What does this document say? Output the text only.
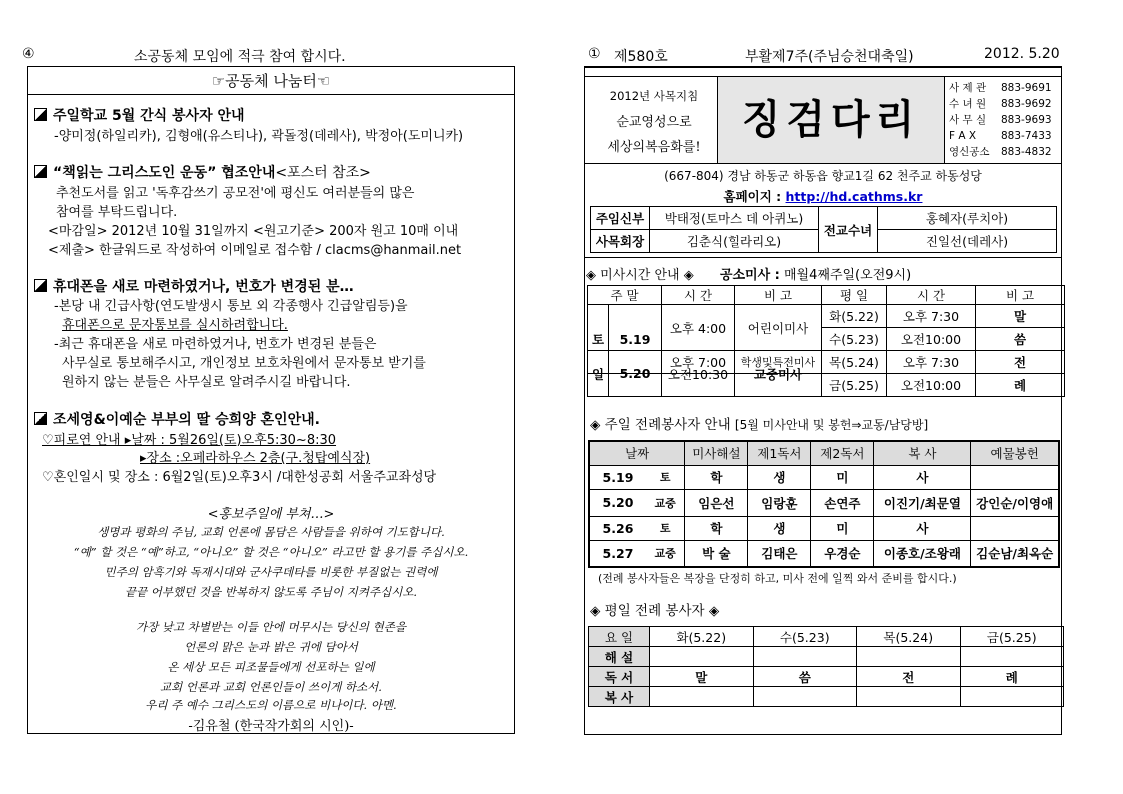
④	소공동체 모임에 적극 참여 합시다.
☞공동체 나눔터☜
주일학교 5월 간식 봉사자 안내
-양미정(하일리카), 김형애(유스티나), 곽돌정(데레사), 박정아(도미니카)
“책읽는 그리스도인 운동” 협조안내<포스터 참조>
추천도서를 읽고 '독후감쓰기 공모전'에 평신도 여러분들의 많은
참여를 부탁드립니다.
<마감일> 2012년 10월 31일까지 <원고기준> 200자 원고 10매 이내
<제출> 한글워드로 작성하여 이메일로 접수함 / clacms@hanmail.net
휴대폰을 새로 마련하였거나, 번호가 변경된 분…
-본당 내 긴급사항(연도발생시 통보 외 각종행사 긴급알림등)을
휴대폰으로 문자통보를 실시하려합니다.
-최근 휴대폰을 새로 마련하였거나, 번호가 변경된 분들은
사무실로 통보해주시고, 개인정보 보호차원에서 문자통보 받기를
원하지 않는 분들은 사무실로 알려주시길 바랍니다.
조세영&이예순 부부의 딸 승희양 혼인안내.
♡피로연 안내 ▸날짜 : 5월26일(토)오후5:30~8:30
▸장소 :오페라하우스 2층(구.청탑예식장)
♡혼인일시 및 장소 : 6월2일(토)오후3시 /대한성공회 서울주교좌성당
<홍보주일에 부쳐…>
생명과 평화의 주님, 교회 언론에 몸담은 사람들을 위하여 기도합니다.
“예” 할 것은 “예”하고, “아니오” 할 것은 “아니오” 라고만 할 용기를 주십시오.
민주의 암흑기와 독재시대와 군사쿠데타를 비롯한 부질없는 권력에
끝끝 어부했던 것을 반복하지 않도록 주님이 지켜주십시오.
가장 낮고 차별받는 이들 안에 머무시는 당신의 현존을
언론의 맑은 눈과 밝은 귀에 담아서
온 세상 모든 피조물들에게 선포하는 일에
교회 언론과 교회 언론인들이 쓰이게 하소서.
우리 주 예수 그리스도의 이름으로 비나이다. 아멘.
-김유철 (한국작가회의 시인)-
① 제580호	부활제7주(주님승천대축일)	2012. 5.20
2012년 사목지침
순교영성으로
세상의복음화를!
징검다리
사 제 관 883-9691
수 녀 원 883-9692
사 무 실 883-9693
F A X 883-7433
영신공소 883-4832
(667-804) 경남 하동군 하동읍 향교1길 62 천주교 하동성당
홈페이지 : http://hd.cathms.kr
주임신부	박태정(토마스 데 아퀴노)	전교수녀	홍혜자(루치아)
사목회장	김춘식(힐라리오)		진일선(데레사)
◈ 미사시간 안내 ◈ 공소미사 : 매월4째주일(오전9시)
주 말		시 간	비 고	평 일	시 간	비 고
토	5.19	오후 4:00	어린이미사	화(5.22)	오후 7:30	말
				수(5.23)	오전10:00	씀
		오후 7:00	학생및특전미사		
일	5.20	오전10:30	교중미사	목(5.24)	오후 7:30	전
				금(5.25)	오전10:00	례
◈ 주일 전례봉사자 안내 [5월 미사안내 및 봉헌⇒교동/남당방]
날짜		미사해설	제1독서	제2독서	복 사	예물봉헌
5.19	토	학	생	미	사	
5.20	교중	임은선	임랑훈	손연주	이진기/최문열	강인순/이영애
5.26	토	학	생	미	사	
5.27	교중	박 술	김태은	우경순	이종호/조왕래	김순남/최옥순
(전례 봉사자들은 복장을 단정히 하고, 미사 전에 일찍 와서 준비를 합시다.)
◈ 평일 전례 봉사자 ◈
요 일	화(5.22)	수(5.23)	목(5.24)	금(5.25)
해 설				
독 서	말	씀	전	례
복 사				
